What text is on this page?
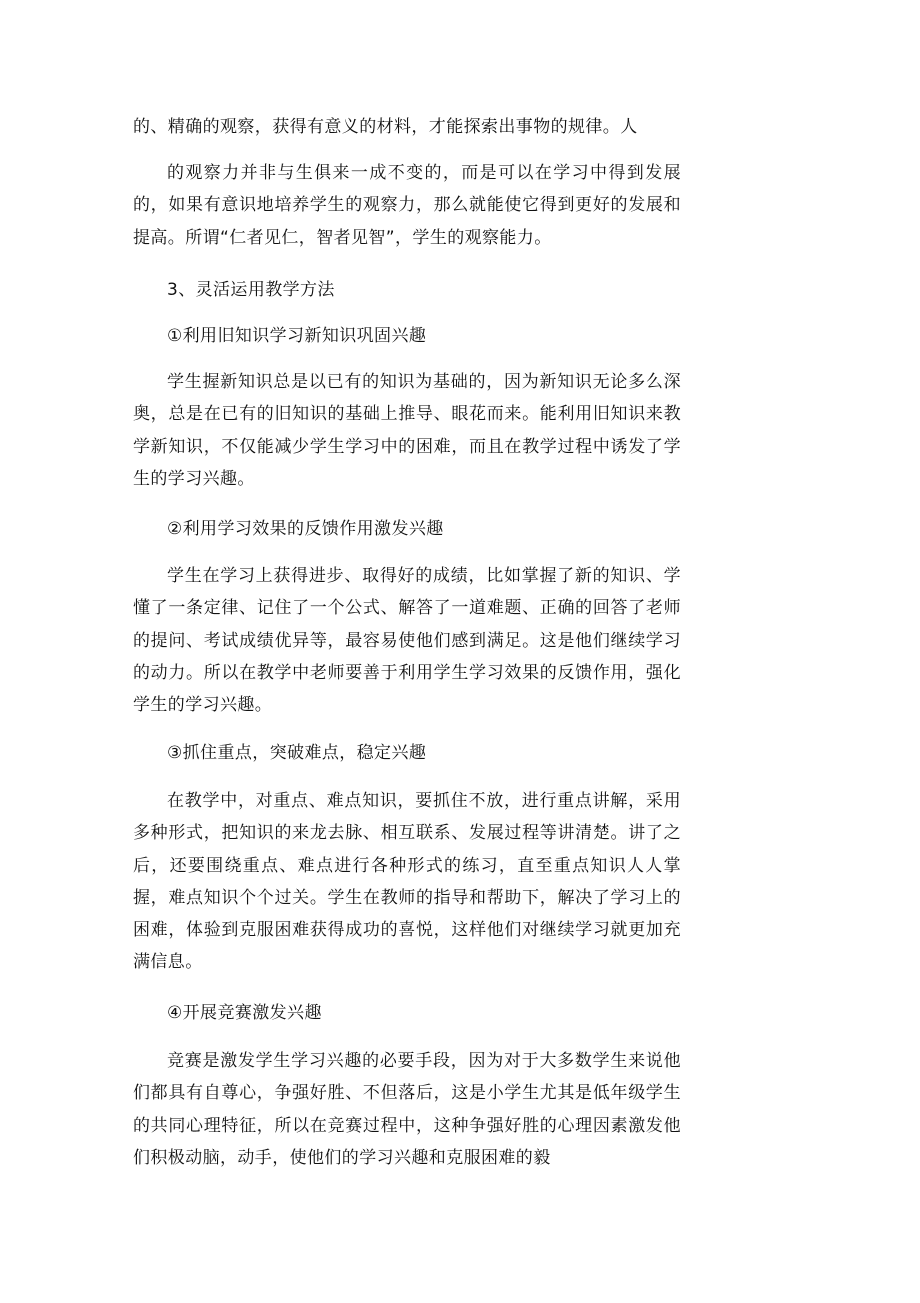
的、精确的观察，获得有意义的材料，才能探索出事物的规律。人

的观察力并非与生俱来一成不变的，而是可以在学习中得到发展的，如果有意识地培养学生的观察力，那么就能使它得到更好的发展和提高。所谓“仁者见仁，智者见智”，学生的观察能力。

3、灵活运用教学方法

①利用旧知识学习新知识巩固兴趣

学生握新知识总是以已有的知识为基础的，因为新知识无论多么深奥，总是在已有的旧知识的基础上推导、眼花而来。能利用旧知识来教学新知识，不仅能减少学生学习中的困难，而且在教学过程中诱发了学生的学习兴趣。

②利用学习效果的反馈作用激发兴趣

学生在学习上获得进步、取得好的成绩，比如掌握了新的知识、学懂了一条定律、记住了一个公式、解答了一道难题、正确的回答了老师的提问、考试成绩优异等，最容易使他们感到满足。这是他们继续学习的动力。所以在教学中老师要善于利用学生学习效果的反馈作用，强化学生的学习兴趣。

③抓住重点，突破难点，稳定兴趣

在教学中，对重点、难点知识，要抓住不放，进行重点讲解，采用多种形式，把知识的来龙去脉、相互联系、发展过程等讲清楚。讲了之后，还要围绕重点、难点进行各种形式的练习，直至重点知识人人掌握，难点知识个个过关。学生在教师的指导和帮助下，解决了学习上的困难，体验到克服困难获得成功的喜悦，这样他们对继续学习就更加充满信息。

④开展竞赛激发兴趣

竞赛是激发学生学习兴趣的必要手段，因为对于大多数学生来说他们都具有自尊心，争强好胜、不但落后，这是小学生尤其是低年级学生的共同心理特征，所以在竞赛过程中，这种争强好胜的心理因素激发他们积极动脑，动手，使他们的学习兴趣和克服困难的毅
